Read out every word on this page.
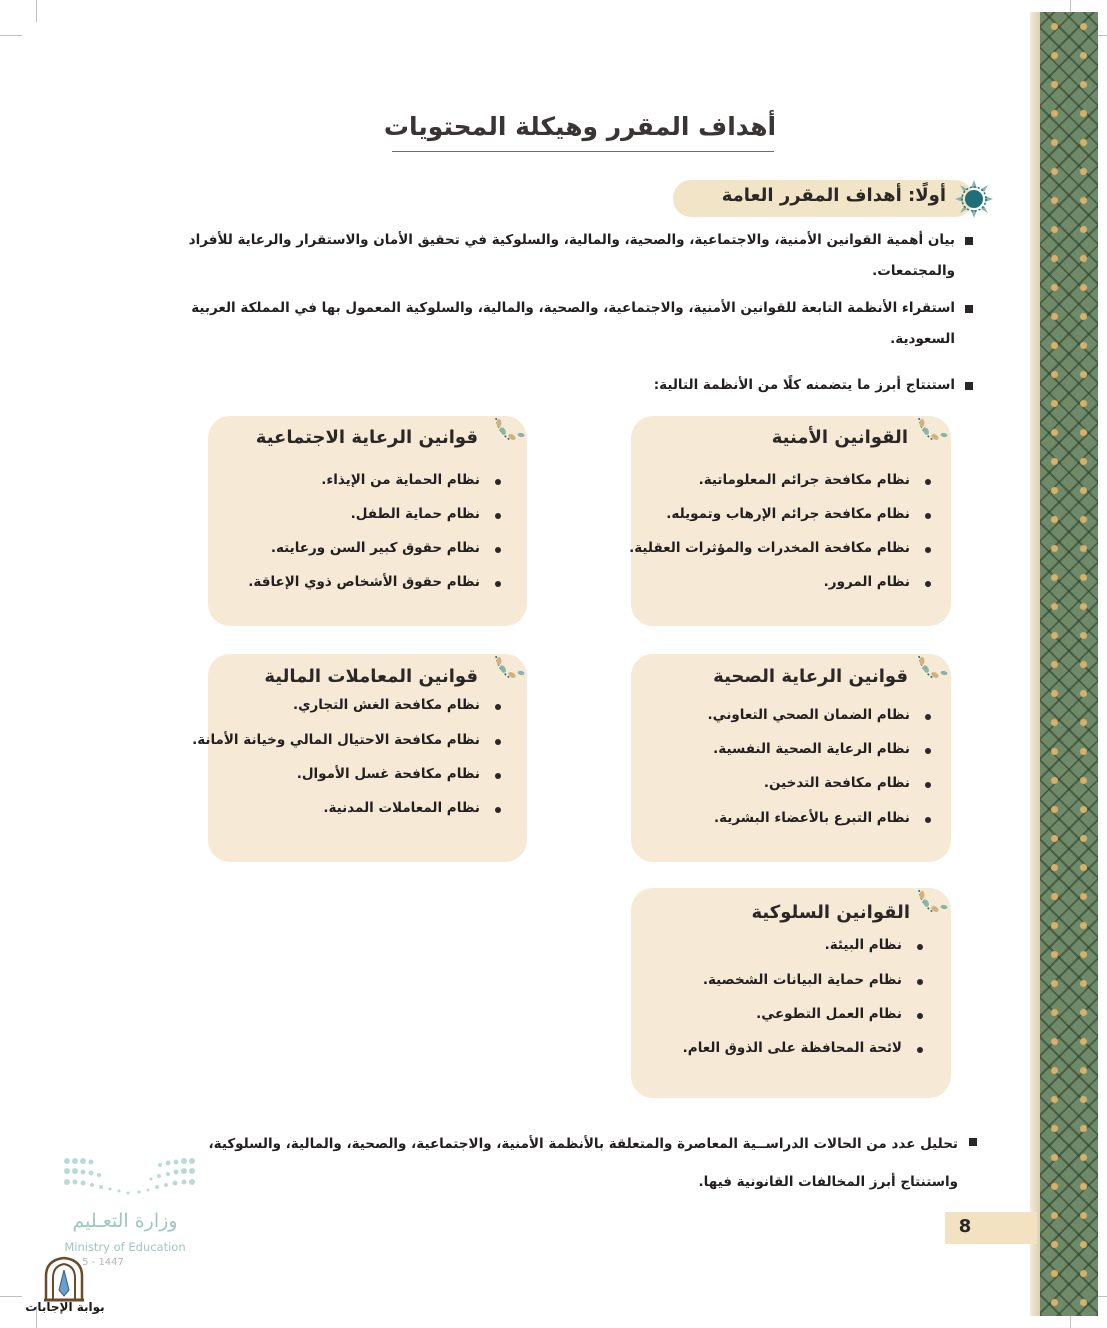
أهداف المقرر وهيكلة المحتويات
أولًا: أهداف المقرر العامة
بيان أهمية القوانين الأمنية، والاجتماعية، والصحية، والمالية، والسلوكية في تحقيق الأمان والاستقرار والرعاية للأفراد والمجتمعات.
استقراء الأنظمة التابعة للقوانين الأمنية، والاجتماعية، والصحية، والمالية، والسلوكية المعمول بها في المملكة العربية السعودية.
استنتاج أبرز ما يتضمنه كلًا من الأنظمة التالية:
القوانين الأمنية
نظام مكافحة جرائم المعلوماتية.
نظام مكافحة جرائم الإرهاب وتمويله.
نظام مكافحة المخدرات والمؤثرات العقلية.
نظام المرور.
قوانين الرعاية الاجتماعية
نظام الحماية من الإيذاء.
نظام حماية الطفل.
نظام حقوق كبير السن ورعايته.
نظام حقوق الأشخاص ذوي الإعاقة.
قوانين الرعاية الصحية
نظام الضمان الصحي التعاوني.
نظام الرعاية الصحية النفسية.
نظام مكافحة التدخين.
نظام التبرع بالأعضاء البشرية.
قوانين المعاملات المالية
نظام مكافحة الغش التجاري.
نظام مكافحة الاحتيال المالي وخيانة الأمانة.
نظام مكافحة غسل الأموال.
نظام المعاملات المدنية.
القوانين السلوكية
نظام البيئة.
نظام حماية البيانات الشخصية.
نظام العمل التطوعي.
لائحة المحافظة على الذوق العام.
تحليل عدد من الحالات الدراســية المعاصرة والمتعلقة بالأنظمة الأمنية، والاجتماعية، والصحية، والمالية، والسلوكية، واستنتاج أبرز المخالفات القانونية فيها.
8
وزارة التعـليم
Ministry of Education
5 - 1447
بوابة الإجابات
